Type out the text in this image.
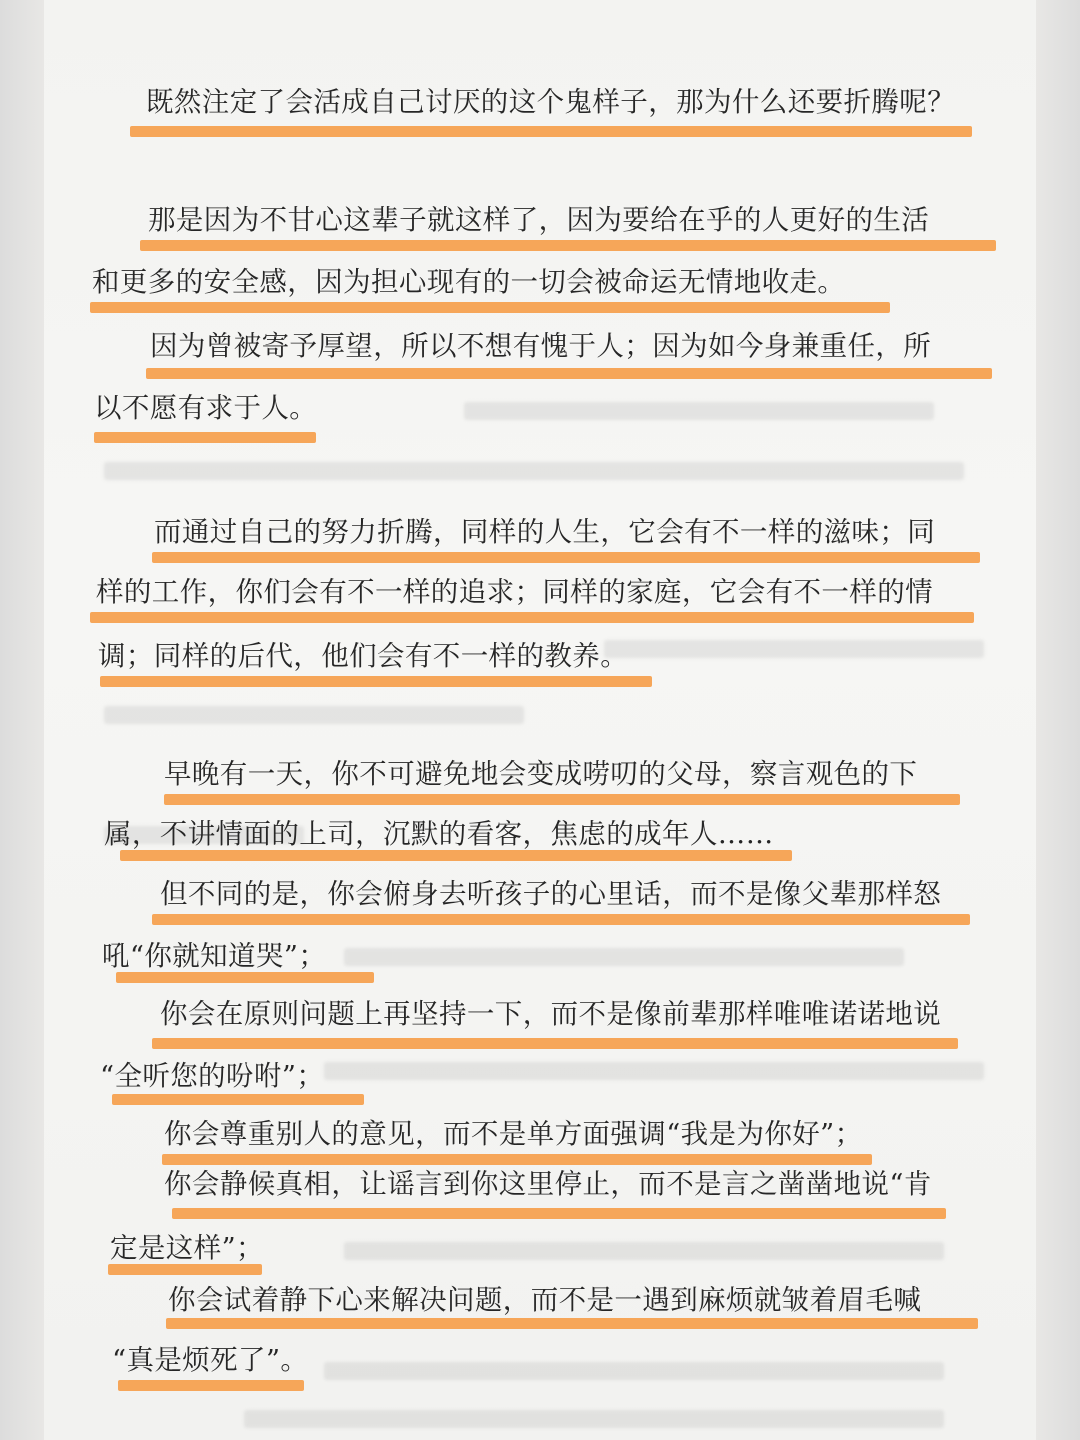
既然注定了会活成自己讨厌的这个鬼样子，那为什么还要折腾呢？
那是因为不甘心这辈子就这样了，因为要给在乎的人更好的生活
和更多的安全感，因为担心现有的一切会被命运无情地收走。
因为曾被寄予厚望，所以不想有愧于人；因为如今身兼重任，所
以不愿有求于人。
而通过自己的努力折腾，同样的人生，它会有不一样的滋味；同
样的工作，你们会有不一样的追求；同样的家庭，它会有不一样的情
调；同样的后代，他们会有不一样的教养。
早晚有一天，你不可避免地会变成唠叨的父母，察言观色的下
属，不讲情面的上司，沉默的看客，焦虑的成年人……
但不同的是，你会俯身去听孩子的心里话，而不是像父辈那样怒
吼“你就知道哭”；
你会在原则问题上再坚持一下，而不是像前辈那样唯唯诺诺地说
“全听您的吩咐”；
你会尊重别人的意见，而不是单方面强调“我是为你好”；
你会静候真相，让谣言到你这里停止，而不是言之凿凿地说“肯
定是这样”；
你会试着静下心来解决问题，而不是一遇到麻烦就皱着眉毛喊
“真是烦死了”。
